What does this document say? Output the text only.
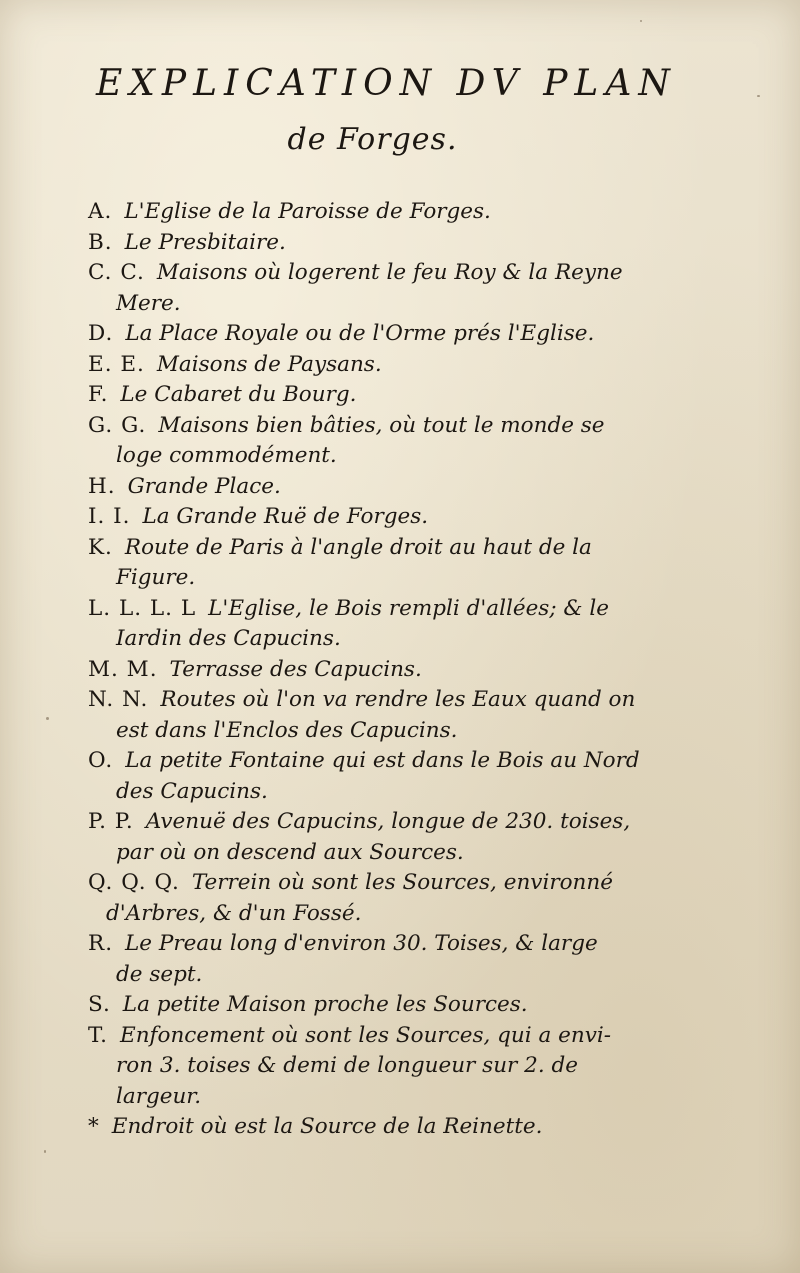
EXPLICATION DV PLAN
de Forges.
A. L'Eglise de la Paroisse de Forges.
B. Le Presbitaire.
C. C. Maisons où logerent le feu Roy & la Reyne
Mere.
D. La Place Royale ou de l'Orme prés l'Eglise.
E. E. Maisons de Paysans.
F. Le Cabaret du Bourg.
G. G. Maisons bien bâties, où tout le monde se
loge commodément.
H. Grande Place.
I. I. La Grande Ruë de Forges.
K. Route de Paris à l'angle droit au haut de la
Figure.
L. L. L. L L'Eglise, le Bois rempli d'allées; & le
Iardin des Capucins.
M. M. Terrasse des Capucins.
N. N. Routes où l'on va rendre les Eaux quand on
est dans l'Enclos des Capucins.
O. La petite Fontaine qui est dans le Bois au Nord
des Capucins.
P. P. Avenuë des Capucins, longue de 230. toises,
par où on descend aux Sources.
Q. Q. Q. Terrein où sont les Sources, environné
d'Arbres, & d'un Fossé.
R. Le Preau long d'environ 30. Toises, & large
de sept.
S. La petite Maison proche les Sources.
T. Enfoncement où sont les Sources, qui a envi-
ron 3. toises & demi de longueur sur 2. de largeur.
* Endroit où est la Source de la Reinette.
